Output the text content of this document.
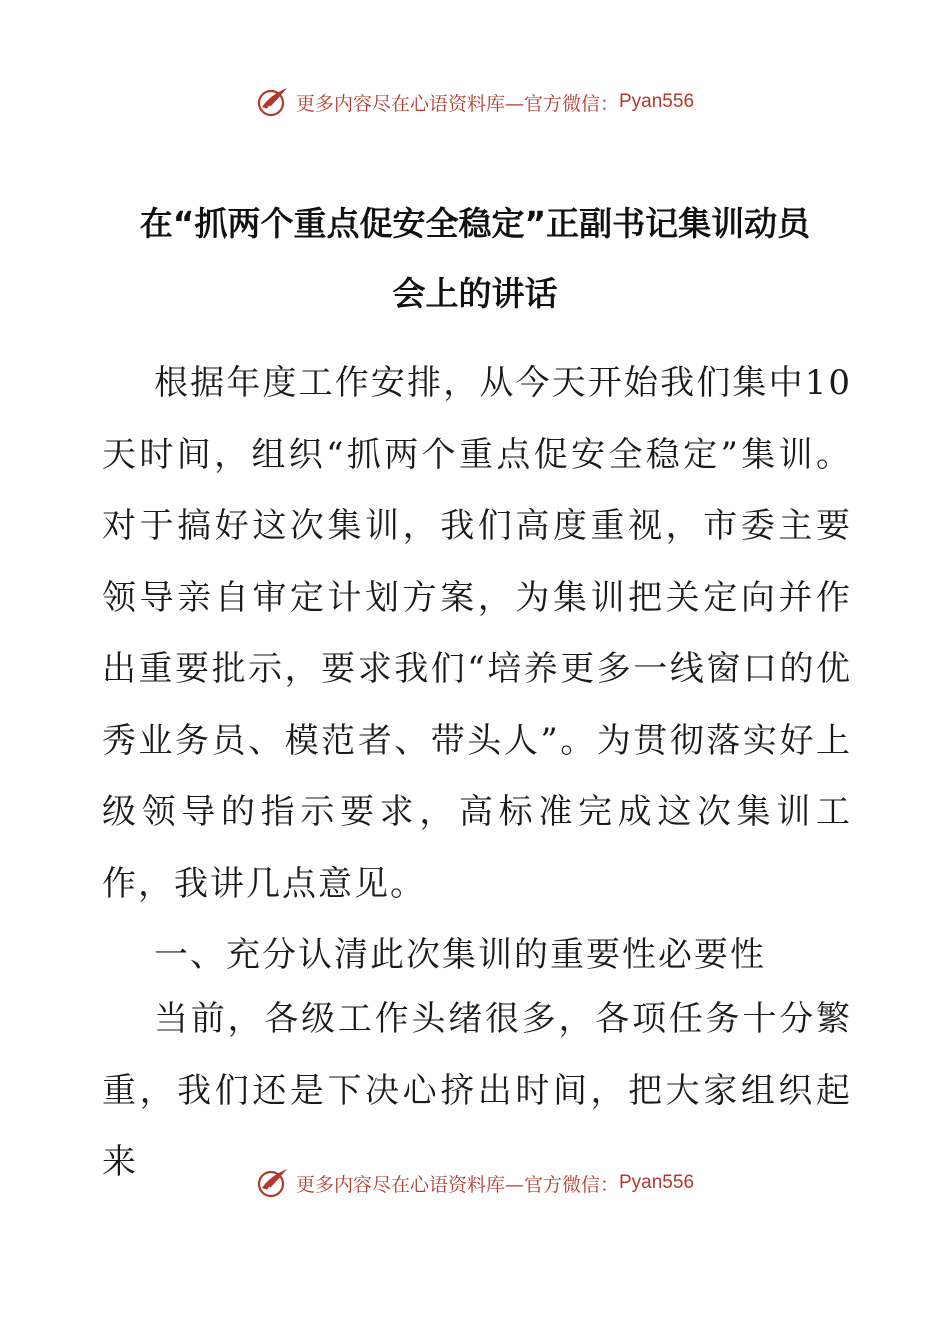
更多内容尽在心语资料库—官方微信： Pyan556
在“抓两个重点促安全稳定”正副书记集训动员
会上的讲话

根据年度工作安排，从今天开始我们集中10天时间，组织“抓两个重点促安全稳定”集训。对于搞好这次集训，我们高度重视，市委主要领导亲自审定计划方案，为集训把关定向并作出重要批示，要求我们“培养更多一线窗口的优秀业务员、模范者、带头人”。为贯彻落实好上级领导的指示要求，高标准完成这次集训工作，我讲几点意见。

一、充分认清此次集训的重要性必要性

当前，各级工作头绪很多，各项任务十分繁重，我们还是下决心挤出时间，把大家组织起来

更多内容尽在心语资料库—官方微信： Pyan556
